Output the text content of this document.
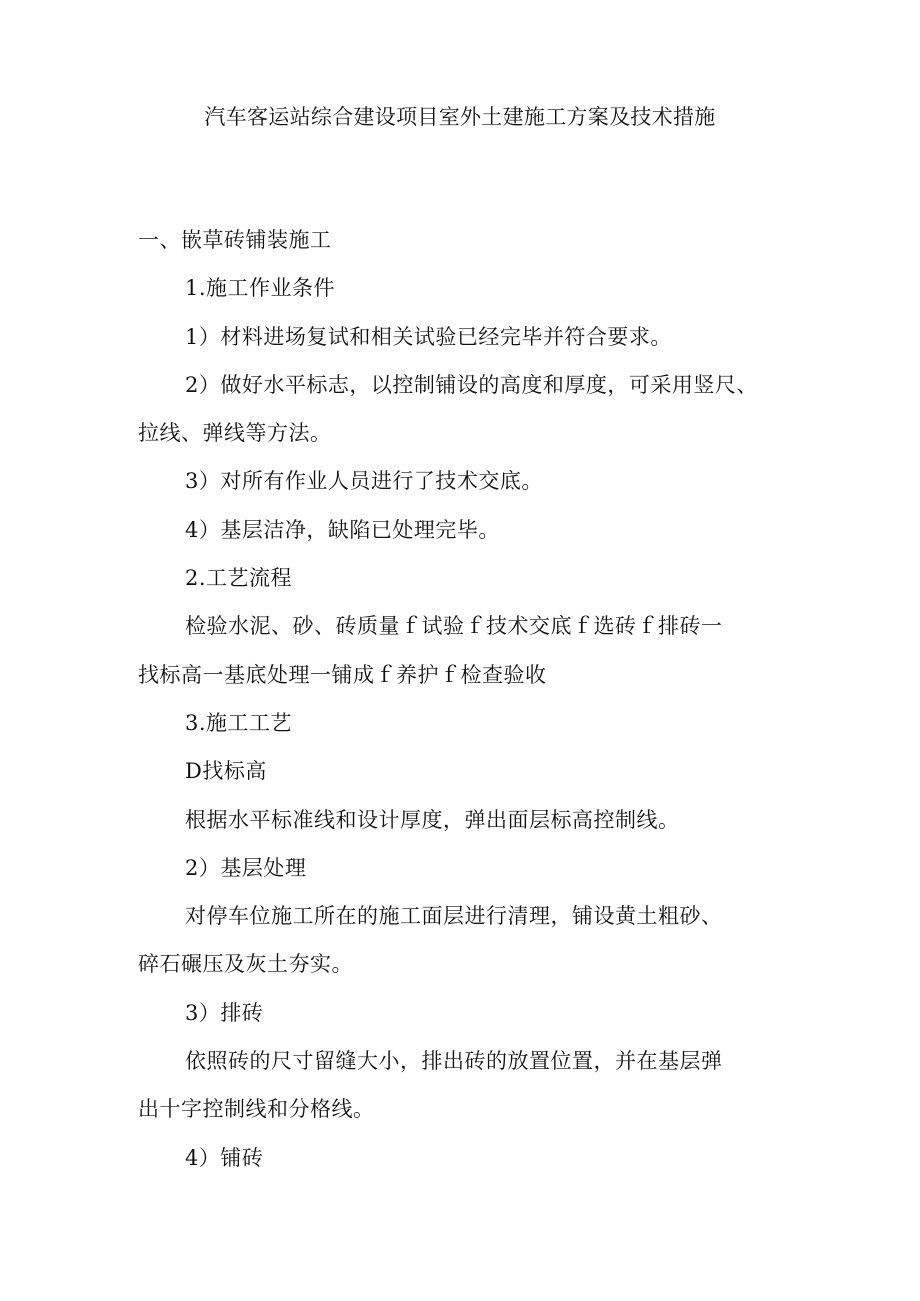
汽车客运站综合建设项目室外土建施工方案及技术措施
一、嵌草砖铺装施工
1.施工作业条件
1）材料进场复试和相关试验已经完毕并符合要求。
2）做好水平标志，以控制铺设的高度和厚度，可采用竖尺、
拉线、弹线等方法。
3）对所有作业人员进行了技术交底。
4）基层洁净，缺陷已处理完毕。
2.工艺流程
检验水泥、砂、砖质量ｆ试验ｆ技术交底ｆ选砖ｆ排砖一
找标高一基底处理一铺成ｆ养护ｆ检查验收
3.施工工艺
D找标高
根据水平标准线和设计厚度，弹出面层标高控制线。
2）基层处理
对停车位施工所在的施工面层进行清理，铺设黄土粗砂、
碎石碾压及灰土夯实。
3）排砖
依照砖的尺寸留缝大小，排出砖的放置位置，并在基层弹
出十字控制线和分格线。
4）铺砖
